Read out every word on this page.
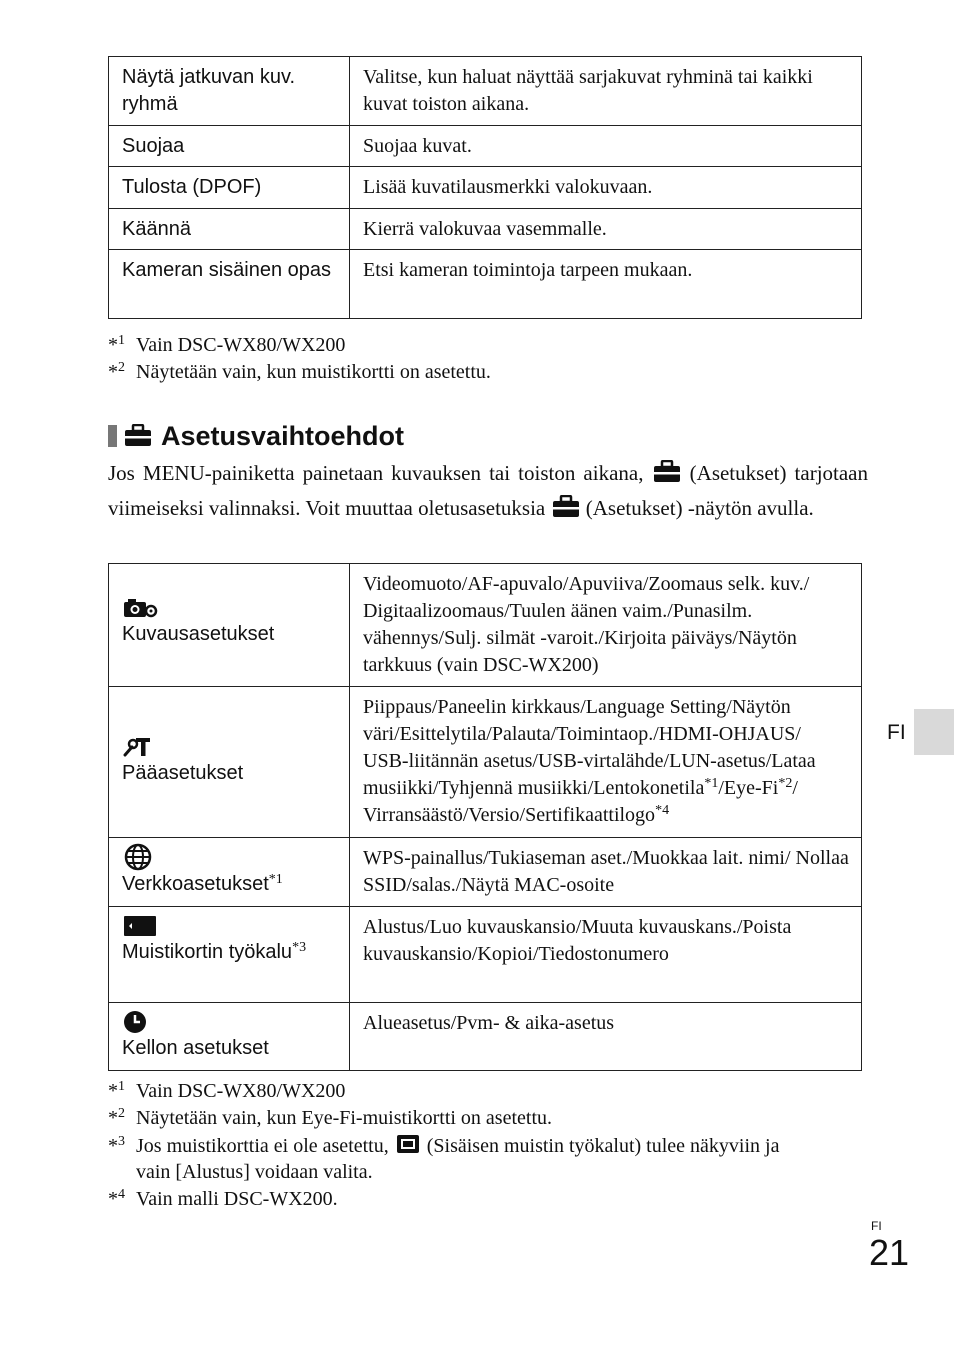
Näytä jatkuvan kuv. ryhmä	Valitse, kun haluat näyttää sarjakuvat ryhminä tai kaikki kuvat toiston aikana.
Suojaa	Suojaa kuvat.
Tulosta (DPOF)	Lisää kuvatilausmerkki valokuvaan.
Käännä	Kierrä valokuvaa vasemmalle.
Kameran sisäinen opas	Etsi kameran toimintoja tarpeen mukaan.
*$^1$ Vain DSC-WX80/WX200
*$^2$ Näytetään vain, kun muistikortti on asetettu.
Asetusvaihtoehdot
Jos MENU-painiketta painetaan kuvauksen tai toiston aikana, (Asetukset) tarjotaan viimeiseksi valinnaksi. Voit muuttaa oletusasetuksia (Asetukset) -näytön avulla.
Kuvausasetukset	Videomuoto/AF-apuvalo/Apuviiva/Zoomaus selk. kuv./ Digitaalizoomaus/Tuulen äänen vaim./Punasilm. vähennys/Sulj. silmät -varoit./Kirjoita päiväys/Näytön tarkkuus (vain DSC-WX200)

Pääasetukset	Piippaus/Paneelin kirkkaus/Language Setting/Näytön väri/Esittelytila/Palauta/Toimintaop./HDMI-OHJAUS/ USB-liitännän asetus/USB-virtalähde/LUN-asetus/Lataa musiikki/Tyhjennä musiikki/Lentokonetila$^{*1}$/Eye-Fi$^{*2}$/ Virransäästö/Versio/Sertifikaattilogo$^{*4}$

Verkkoasetukset$^{*1}$	WPS-painallus/Tukiaseman aset./Muokkaa lait. nimi/ Nollaa SSID/salas./Näytä MAC-osoite

Muistikortin työkalu$^{*3}$	Alustus/Luo kuvauskansio/Muuta kuvauskans./Poista kuvauskansio/Kopioi/Tiedostonumero

Kellon asetukset	Alueasetus/Pvm- & aika-asetus
*$^1$ Vain DSC-WX80/WX200
*$^2$ Näytetään vain, kun Eye-Fi-muistikortti on asetettu.
*$^3$ Jos muistikorttia ei ole asetettu, (Sisäisen muistin työkalut) tulee näkyviin ja
vain [Alustus] voidaan valita.
*$^4$ Vain malli DSC-WX200.
FI
FI
21
